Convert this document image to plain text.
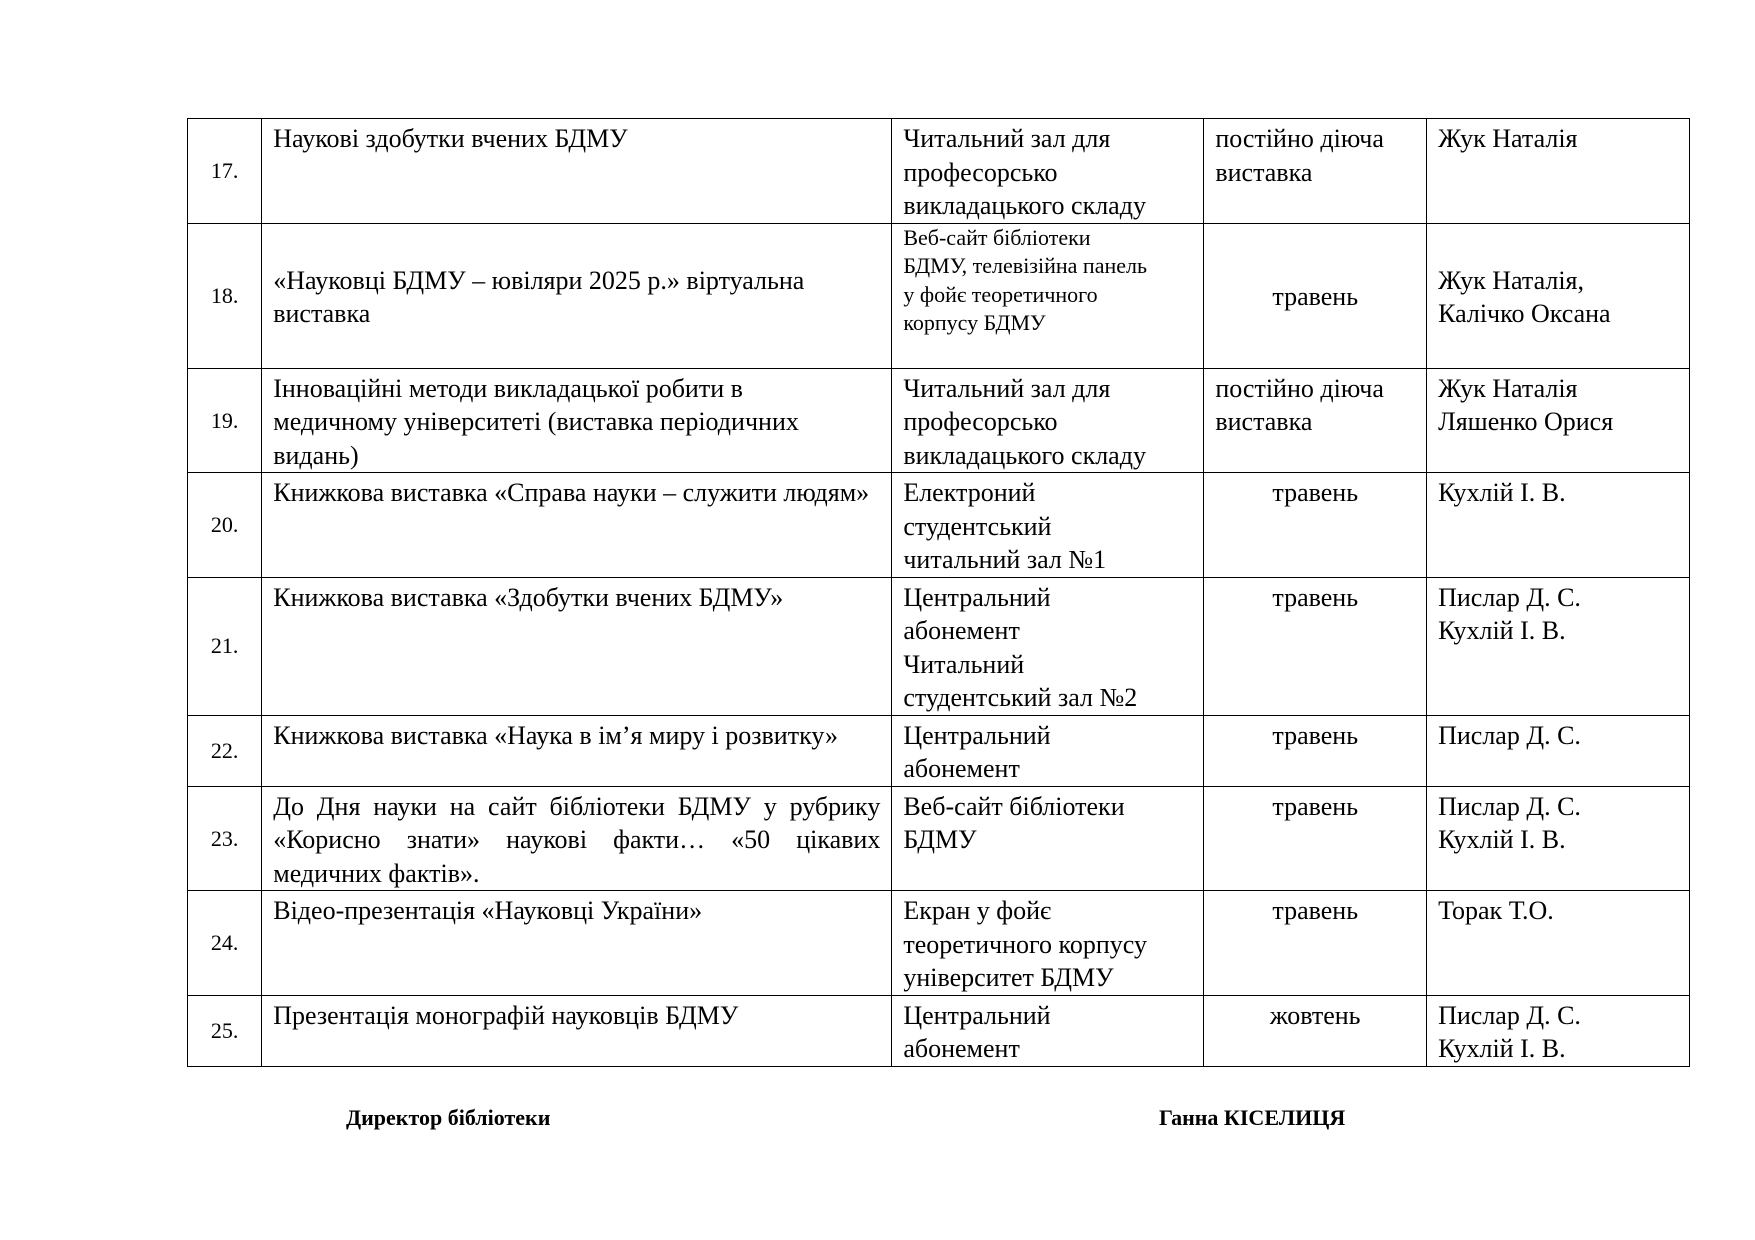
17.	Наукові здобутки вчених БДМУ	Читальний зал для
професорсько
викладацького складу	постійно діюча
виставка	Жук Наталія
18.	«Науковці БДМУ – ювіляри 2025 р.» віртуальна
виставка	Веб-сайт бібліотеки
БДМУ, телевізійна панель
у фойє теоретичного
корпусу БДМУ	травень	Жук Наталія,
Калічко Оксана
19.	Інноваційні методи викладацької робити в
медичному університеті (виставка періодичних
видань)	Читальний зал для
професорсько
викладацького складу	постійно діюча
виставка	Жук Наталія
Ляшенко Орися
20.	Книжкова виставка «Справа науки – служити людям»	Електроний
студентський
читальний зал №1	травень	Кухлій І. В.
21.	Книжкова виставка «Здобутки вчених БДМУ»	Центральний
абонемент
Читальний
студентський зал №2	травень	Пислар Д. С.
Кухлій І. В.
22.	Книжкова виставка «Наука в імʼя миру і розвитку»	Центральний
абонемент	травень	Пислар Д. С.
23.	До Дня науки на сайт бібліотеки БДМУ у рубрику «Корисно знати» наукові факти… «50 цікавих медичних фактів».	Веб-сайт бібліотеки
БДМУ	травень	Пислар Д. С.
Кухлій І. В.
24.	Відео-презентація «Науковці України»	Екран у фойє
теоретичного корпусу
університет БДМУ	травень	Торак Т.О.
25.	Презентація монографій науковців БДМУ	Центральний
абонемент	жовтень	Пислар Д. С.
Кухлій І. В.
Директор бібліотеки	Ганна КІСЕЛИЦЯ
